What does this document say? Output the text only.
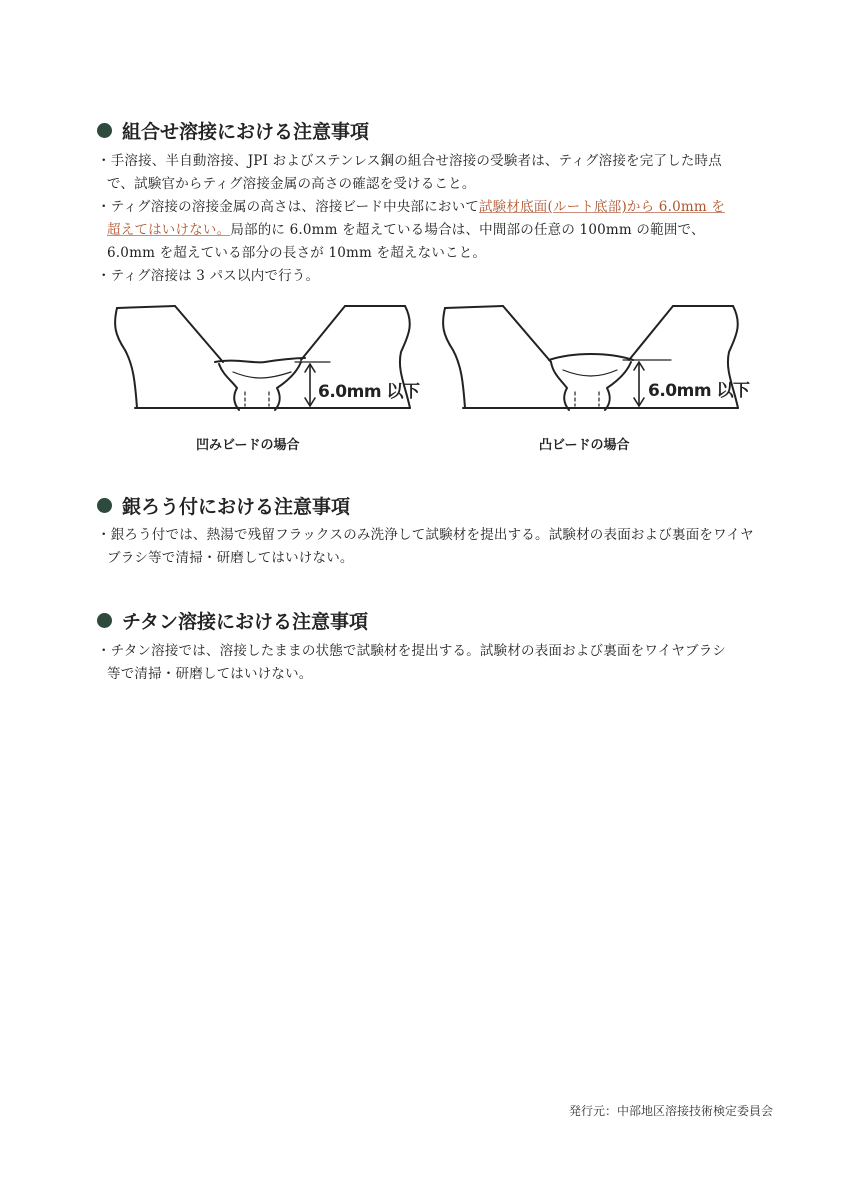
組合せ溶接における注意事項

・手溶接、半自動溶接、JPI およびステンレス鋼の組合せ溶接の受験者は、ティグ溶接を完了した時点

で、試験官からティグ溶接金属の高さの確認を受けること。

・ティグ溶接の溶接金属の高さは、溶接ビード中央部において試験材底面(ルート底部)から 6.0mm を

超えてはいけない。局部的に 6.0mm を超えている場合は、中間部の任意の 100mm の範囲で、

6.0mm を超えている部分の長さが 10mm を超えないこと。

・ティグ溶接は 3 パス以内で行う。

6.0mm 以下
凹みビードの場合
6.0mm 以下
凸ビードの場合
銀ろう付における注意事項

・銀ろう付では、熱湯で残留フラックスのみ洗浄して試験材を提出する。試験材の表面および裏面をワイヤ

ブラシ等で清掃・研磨してはいけない。

チタン溶接における注意事項

・チタン溶接では、溶接したままの状態で試験材を提出する。試験材の表面および裏面をワイヤブラシ

等で清掃・研磨してはいけない。

発行元：中部地区溶接技術検定委員会
